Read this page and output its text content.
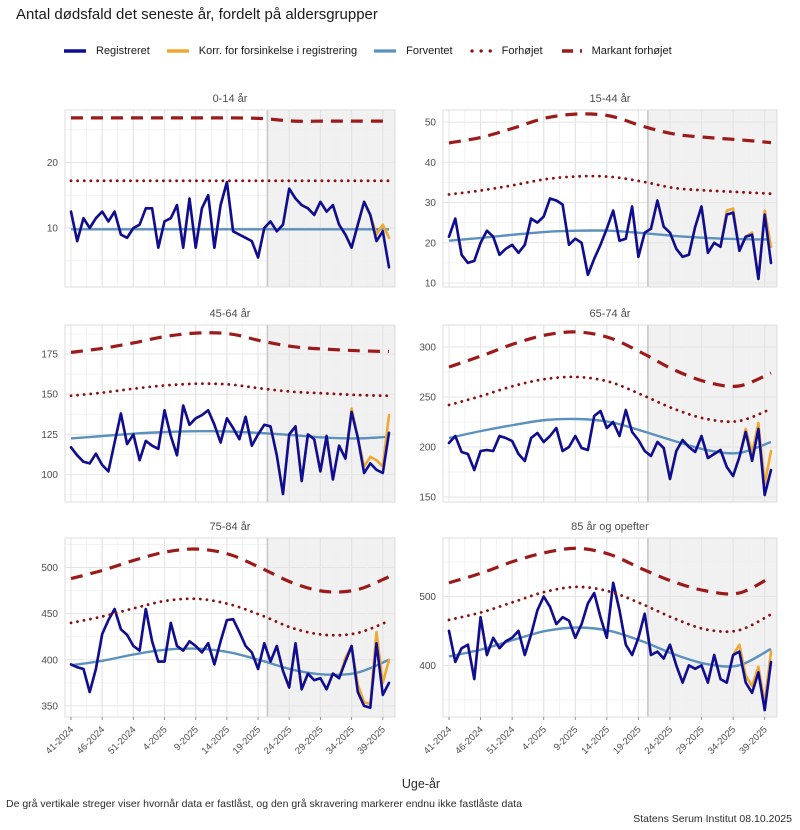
Antal dødsfald det seneste år, fordelt på aldersgrupper
Registreret	Korr. for forsinkelse i registrering	Forventet	Forhøjet	Markant forhøjet
0-14 år
10
20
15-44 år
10
20
30
40
50
45-64 år
100
125
150
175
65-74 år
150
200
250
300
75-84 år
350
400
450
500
41-2024
46-2024
51-2024 4-2025 9-2025
14-2025
19-2025
24-2025
29-2025
34-2025
39-2025
85 år og opefter
400
500
41-2024 46-2024 51-2024 4-2025 9-2025 14-2025 19-2025 24-2025 29-2025 34-2025 39-2025
Uge-år
De grå vertikale streger viser hvornår data er fastlåst, og den grå skravering markerer endnu ikke fastlåste data
Statens Serum Institut 08.10.2025
